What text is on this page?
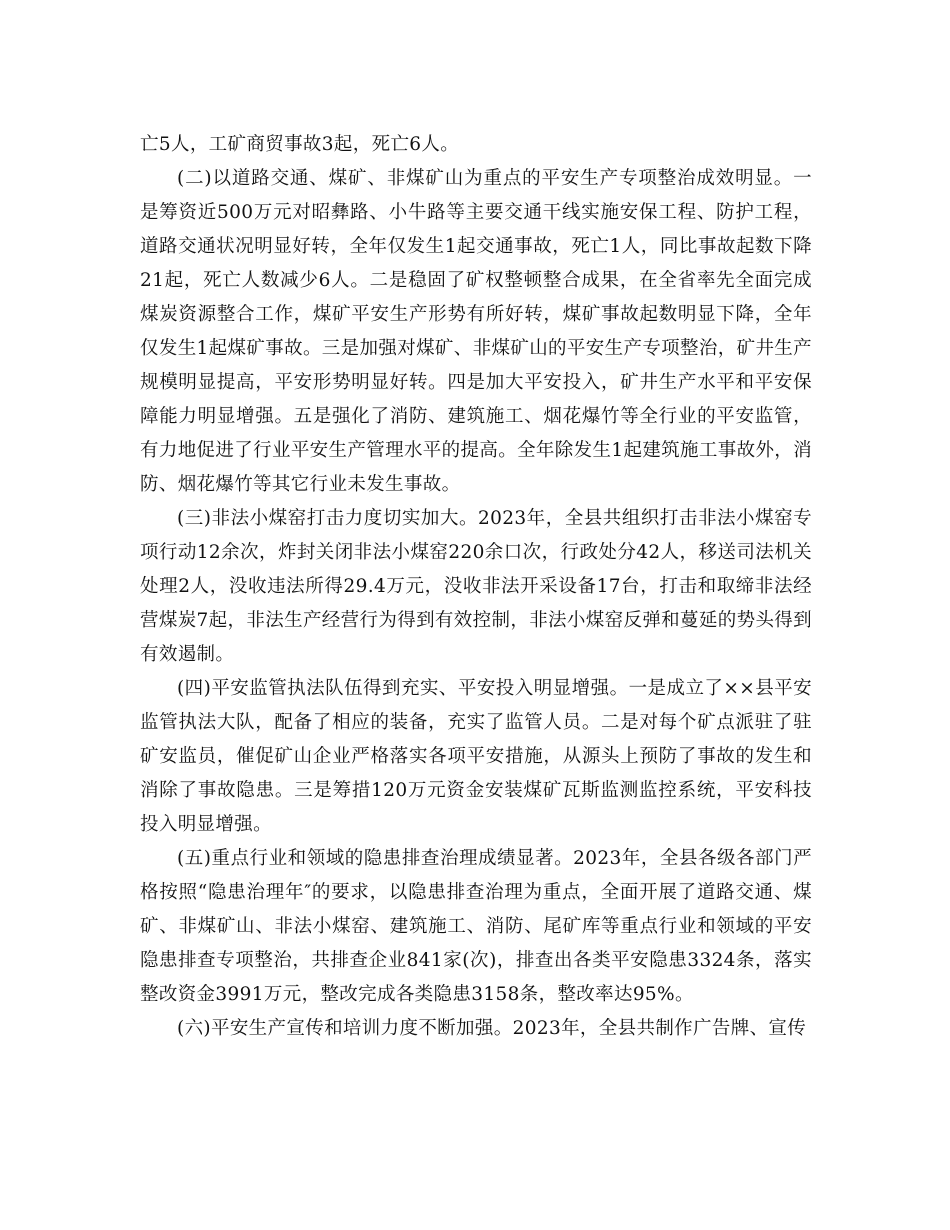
亡5人，工矿商贸事故3起，死亡6人。

(二)以道路交通、煤矿、非煤矿山为重点的平安生产专项整治成效明显。一是筹资近500万元对昭彝路、小牛路等主要交通干线实施安保工程、防护工程，道路交通状况明显好转，全年仅发生1起交通事故，死亡1人，同比事故起数下降21起，死亡人数减少6人。二是稳固了矿权整顿整合成果，在全省率先全面完成煤炭资源整合工作，煤矿平安生产形势有所好转，煤矿事故起数明显下降，全年仅发生1起煤矿事故。三是加强对煤矿、非煤矿山的平安生产专项整治，矿井生产规模明显提高，平安形势明显好转。四是加大平安投入，矿井生产水平和平安保障能力明显增强。五是强化了消防、建筑施工、烟花爆竹等全行业的平安监管，有力地促进了行业平安生产管理水平的提高。全年除发生1起建筑施工事故外，消防、烟花爆竹等其它行业未发生事故。

(三)非法小煤窑打击力度切实加大。2023年，全县共组织打击非法小煤窑专项行动12余次，炸封关闭非法小煤窑220余口次，行政处分42人，移送司法机关处理2人，没收违法所得29.4万元，没收非法开采设备17台，打击和取缔非法经营煤炭7起，非法生产经营行为得到有效控制，非法小煤窑反弹和蔓延的势头得到有效遏制。

(四)平安监管执法队伍得到充实、平安投入明显增强。一是成立了××县平安监管执法大队，配备了相应的装备，充实了监管人员。二是对每个矿点派驻了驻矿安监员，催促矿山企业严格落实各项平安措施，从源头上预防了事故的发生和消除了事故隐患。三是筹措120万元资金安装煤矿瓦斯监测监控系统，平安科技投入明显增强。

(五)重点行业和领域的隐患排查治理成绩显著。2023年，全县各级各部门严格按照“隐患治理年″的要求，以隐患排查治理为重点，全面开展了道路交通、煤矿、非煤矿山、非法小煤窑、建筑施工、消防、尾矿库等重点行业和领域的平安隐患排查专项整治，共排查企业841家(次)，排查出各类平安隐患3324条，落实整改资金3991万元，整改完成各类隐患3158条，整改率达95%。

(六)平安生产宣传和培训力度不断加强。2023年，全县共制作广告牌、宣传
